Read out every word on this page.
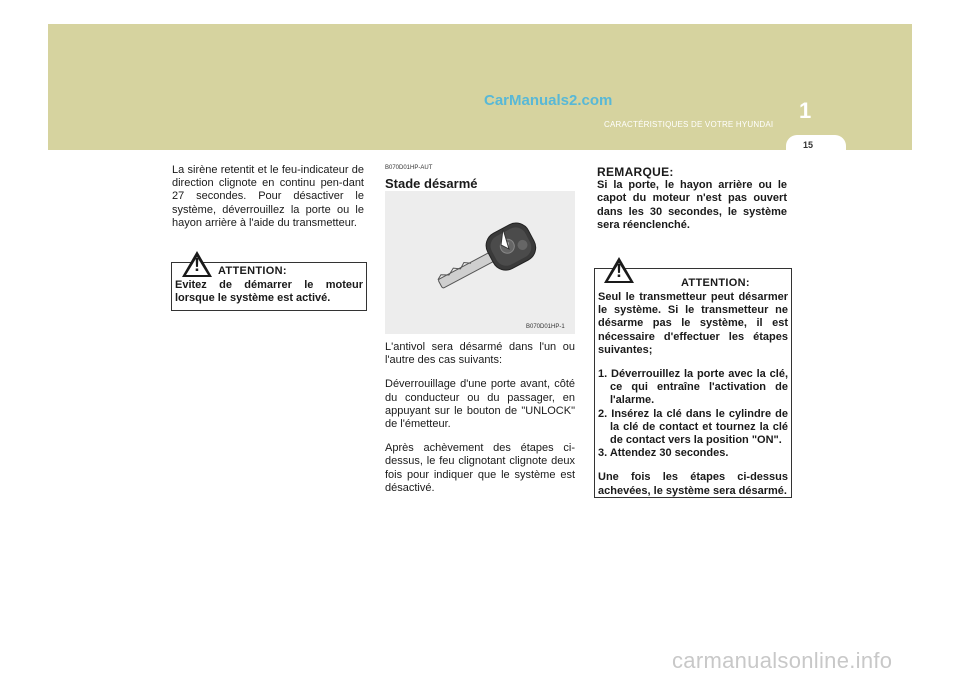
CarManuals2.com	1
CARACTÉRISTIQUES DE VOTRE HYUNDAI
15

La sirène retentit et le feu-indicateur de direction clignote en continu pen-dant 27 secondes. Pour désactiver le système, déverrouillez la porte ou le hayon arrière à l'aide du transmetteur.

!	ATTENTION:
Evitez de démarrer le moteur lorsque le système est activé.
B070D01HP-AUT
Stade désarmé
B070D01HP-1

L'antivol sera désarmé dans l'un ou l'autre des cas suivants:

Déverrouillage d'une porte avant, côté du conducteur ou du passager, en appuyant sur le bouton de "UNLOCK" de l'émetteur.

Après achèvement des étapes ci-dessus, le feu clignotant clignote deux fois pour indiquer que le système est désactivé.

REMARQUE:
Si la porte, le hayon arrière ou le capot du moteur n'est pas ouvert dans les 30 secondes, le système sera réenclenché.
!
ATTENTION:

Seul le transmetteur peut désarmer le système. Si le transmetteur ne désarme pas le système, il est nécessaire d'effectuer les étapes suivantes;

1. Déverrouillez la porte avec la clé, ce qui entraîne l'activation de l'alarme.
2. Insérez la clé dans le cylindre de la clé de contact et tournez la clé de contact vers la position "ON".
3. Attendez 30 secondes.

Une fois les étapes ci-dessus achevées, le système sera désarmé.

carmanualsonline.info
